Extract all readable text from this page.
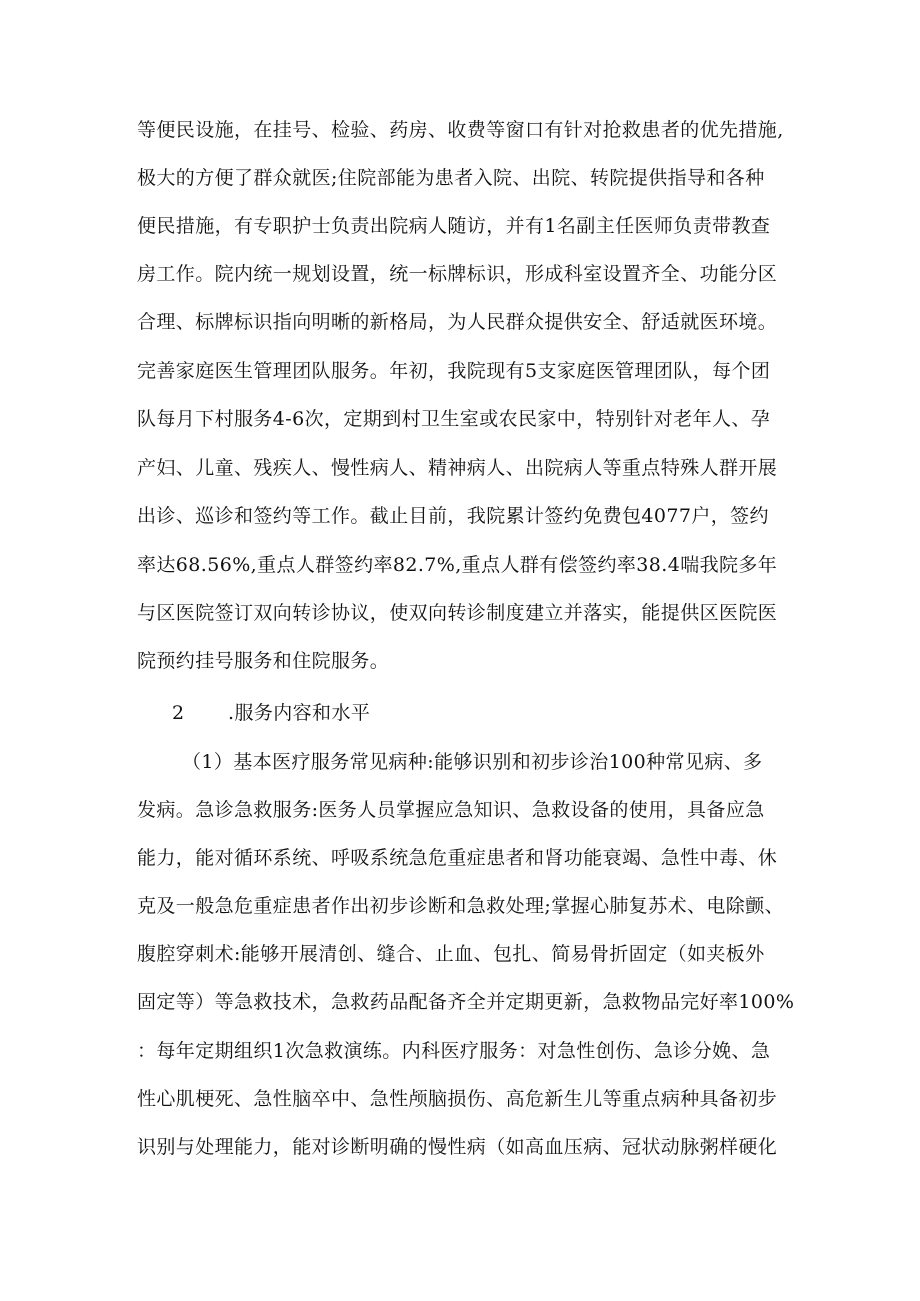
等便民设施，在挂号、检验、药房、收费等窗口有针对抢救患者的优先措施,
极大的方便了群众就医;住院部能为患者入院、出院、转院提供指导和各种
便民措施，有专职护士负责出院病人随访，并有1名副主任医师负责带教查
房工作。院内统一规划设置，统一标牌标识，形成科室设置齐全、功能分区
合理、标牌标识指向明晰的新格局，为人民群众提供安全、舒适就医环境。
完善家庭医生管理团队服务。年初，我院现有5支家庭医管理团队，每个团
队每月下村服务4-6次，定期到村卫生室或农民家中，特别针对老年人、孕
产妇、儿童、残疾人、慢性病人、精神病人、出院病人等重点特殊人群开展
出诊、巡诊和签约等工作。截止目前，我院累计签约免费包4077户，签约
率达68.56%,重点人群签约率82.7%,重点人群有偿签约率38.4喘我院多年
与区医院签订双向转诊协议，使双向转诊制度建立并落实，能提供区医院医
院预约挂号服务和住院服务。
2 .服务内容和水平
（1）基本医疗服务常见病种:能够识别和初步诊治100种常见病、多
发病。急诊急救服务:医务人员掌握应急知识、急救设备的使用，具备应急
能力，能对循环系统、呼吸系统急危重症患者和肾功能衰竭、急性中毒、休
克及一般急危重症患者作出初步诊断和急救处理;掌握心肺复苏术、电除颤、
腹腔穿刺术:能够开展清创、缝合、止血、包扎、简易骨折固定（如夹板外
固定等）等急救技术，急救药品配备齐全并定期更新，急救物品完好率100%
：每年定期组织1次急救演练。内科医疗服务：对急性创伤、急诊分娩、急
性心肌梗死、急性脑卒中、急性颅脑损伤、高危新生儿等重点病种具备初步
识别与处理能力，能对诊断明确的慢性病（如高血压病、冠状动脉粥样硬化
